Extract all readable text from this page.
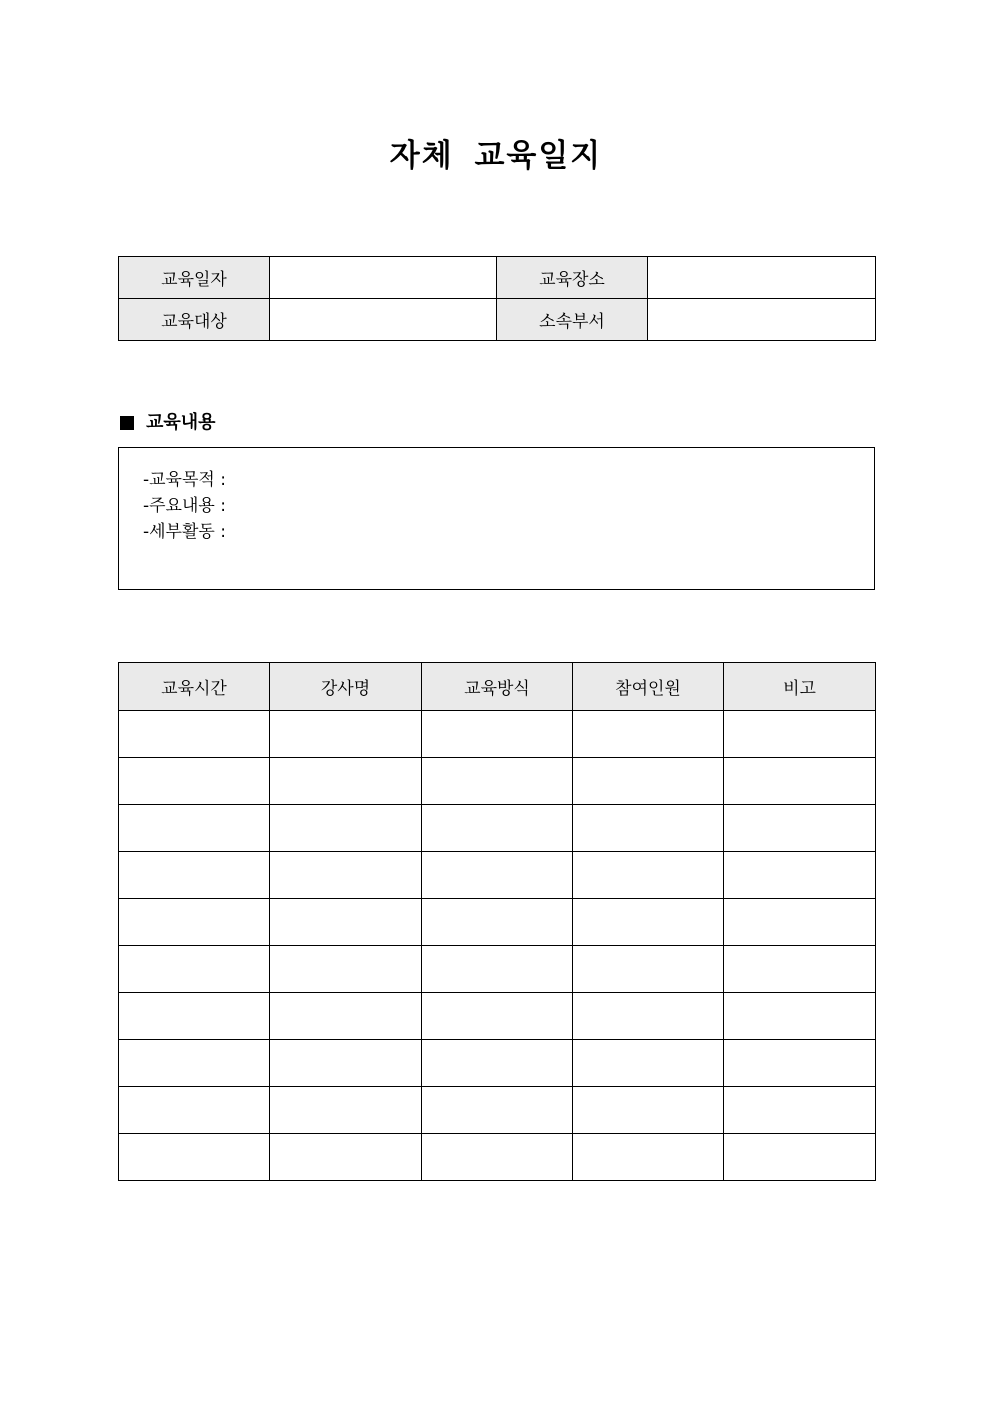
자체 교육일지
교육일자		교육장소	
교육대상		소속부서	
교육내용
-교육목적 :
-주요내용 :
-세부활동 :
교육시간	강사명	교육방식	참여인원	비고
